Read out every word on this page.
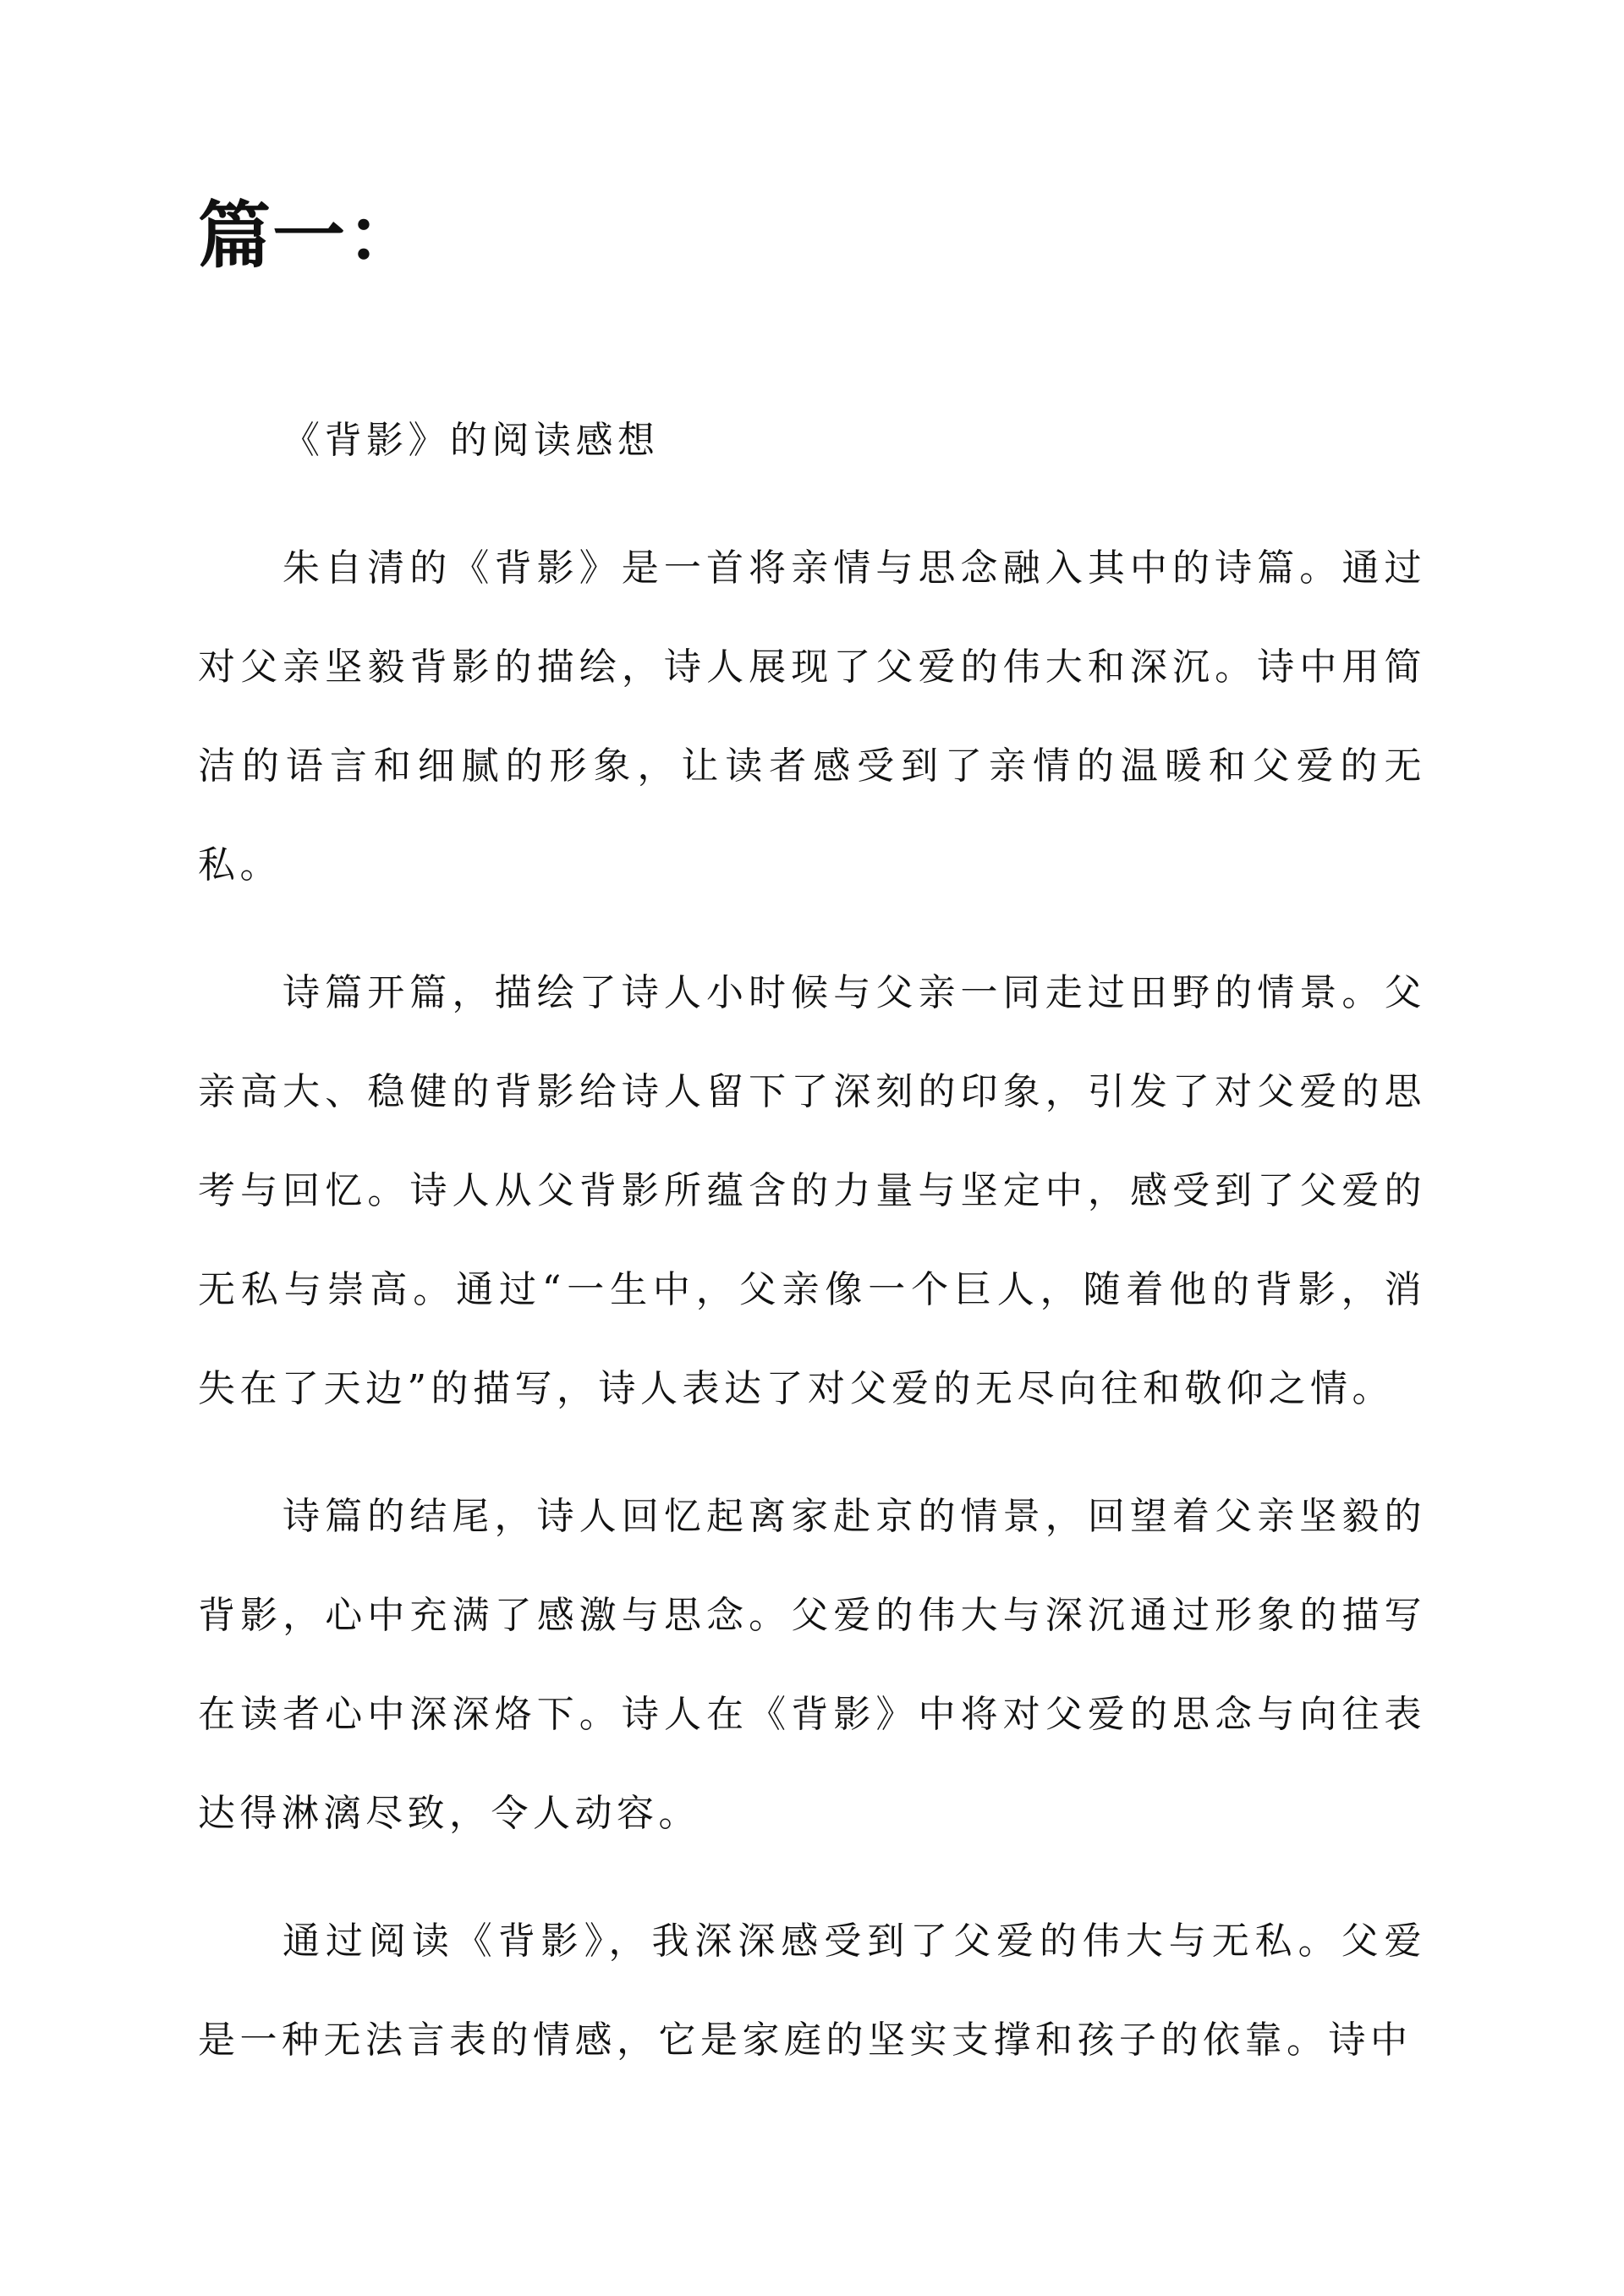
篇一：

《背影》的阅读感想

朱自清的《背影》是一首将亲情与思念融入其中的诗篇。通过对父亲坚毅背影的描绘，诗人展现了父爱的伟大和深沉。诗中用简洁的语言和细腻的形象，让读者感受到了亲情的温暖和父爱的无私。

诗篇开篇，描绘了诗人小时候与父亲一同走过田野的情景。父亲高大、稳健的背影给诗人留下了深刻的印象，引发了对父爱的思考与回忆。诗人从父背影所蕴含的力量与坚定中，感受到了父爱的无私与崇高。通过“一生中，父亲像一个巨人，随着他的背影，消失在了天边”的描写，诗人表达了对父爱的无尽向往和敬仰之情。

诗篇的结尾，诗人回忆起离家赴京的情景，回望着父亲坚毅的背影，心中充满了感激与思念。父爱的伟大与深沉通过形象的描写在读者心中深深烙下。诗人在《背影》中将对父爱的思念与向往表达得淋漓尽致，令人动容。

通过阅读《背影》，我深深感受到了父爱的伟大与无私。父爱是一种无法言表的情感，它是家庭的坚实支撑和孩子的依靠。诗中
